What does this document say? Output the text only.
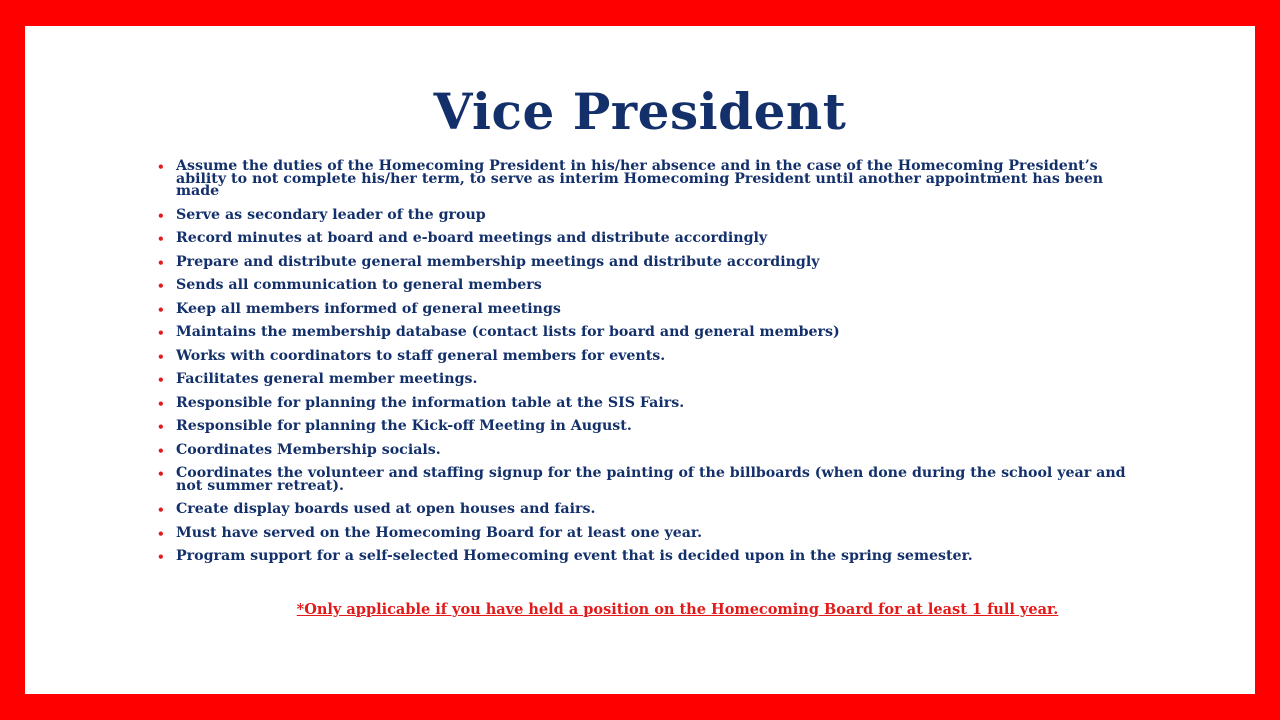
Vice President
• Assume the duties of the Homecoming President in his/her absence and in the case of the Homecoming President’s ability to not complete his/her term, to serve as interim Homecoming President until another appointment has been made
• Serve as secondary leader of the group
• Record minutes at board and e-board meetings and distribute accordingly
• Prepare and distribute general membership meetings and distribute accordingly
• Sends all communication to general members
• Keep all members informed of general meetings
• Maintains the membership database (contact lists for board and general members)
• Works with coordinators to staff general members for events.
• Facilitates general member meetings.
• Responsible for planning the information table at the SIS Fairs.
• Responsible for planning the Kick-off Meeting in August.
• Coordinates Membership socials.
• Coordinates the volunteer and staffing signup for the painting of the billboards (when done during the school year and not summer retreat).
• Create display boards used at open houses and fairs.
• Must have served on the Homecoming Board for at least one year.
• Program support for a self-selected Homecoming event that is decided upon in the spring semester.
*Only applicable if you have held a position on the Homecoming Board for at least 1 full year.
